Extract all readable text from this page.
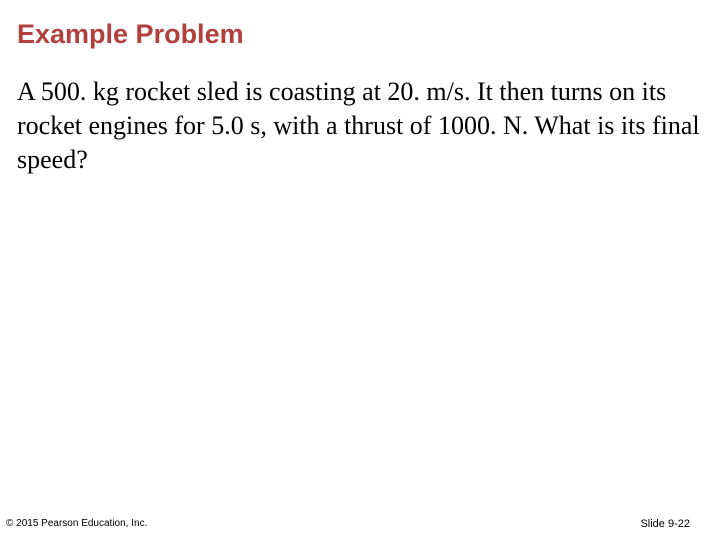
Example Problem
A 500. kg rocket sled is coasting at 20. m/s. It then turns on its rocket engines for 5.0 s, with a thrust of 1000. N. What is its final speed?
© 2015 Pearson Education, Inc.	Slide 9-22
